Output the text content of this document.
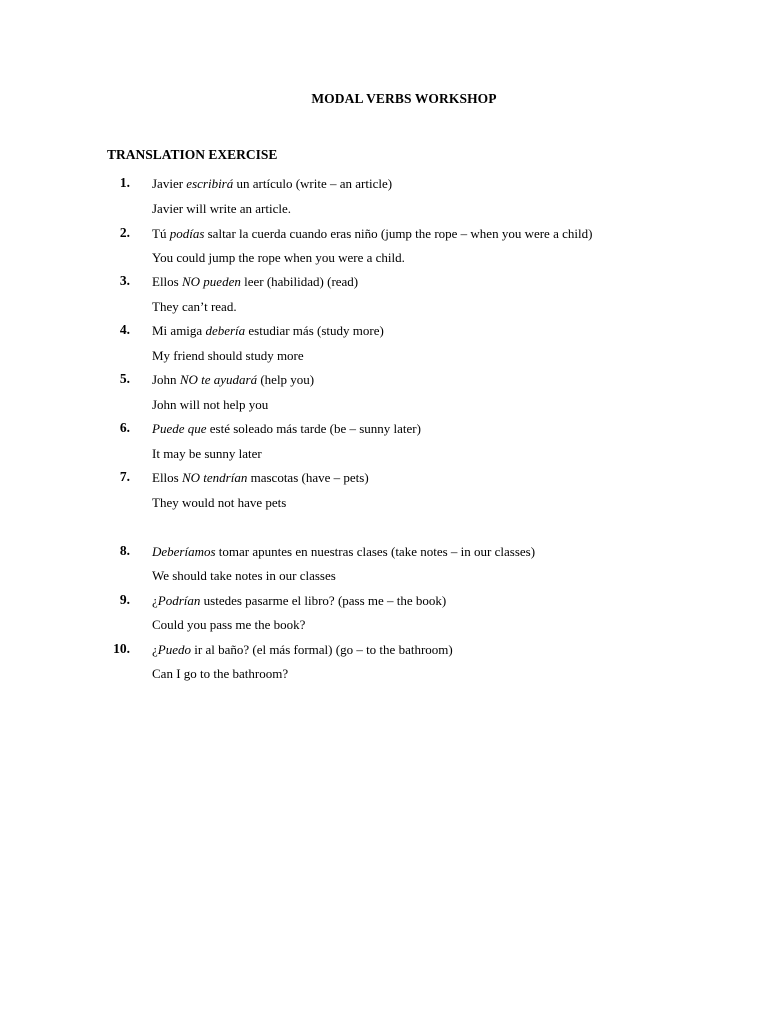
MODAL VERBS WORKSHOP
TRANSLATION EXERCISE
1. Javier escribirá un artículo (write – an article)
Javier will write an article.
2. Tú podías saltar la cuerda cuando eras niño (jump the rope – when you were a child)
You could jump the rope when you were a child.
3. Ellos NO pueden leer (habilidad) (read)
They can’t read.
4. Mi amiga debería estudiar más (study more)
My friend should study more
5. John NO te ayudará (help you)
John will not help you
6. Puede que esté soleado más tarde (be – sunny later)
It may be sunny later
7. Ellos NO tendrían mascotas (have – pets)
They would not have pets
8. Deberíamos tomar apuntes en nuestras clases (take notes – in our classes)
We should take notes in our classes
9. ¿Podrían ustedes pasarme el libro? (pass me – the book)
Could you pass me the book?
10. ¿Puedo ir al baño? (el más formal) (go – to the bathroom)
Can I go to the bathroom?
